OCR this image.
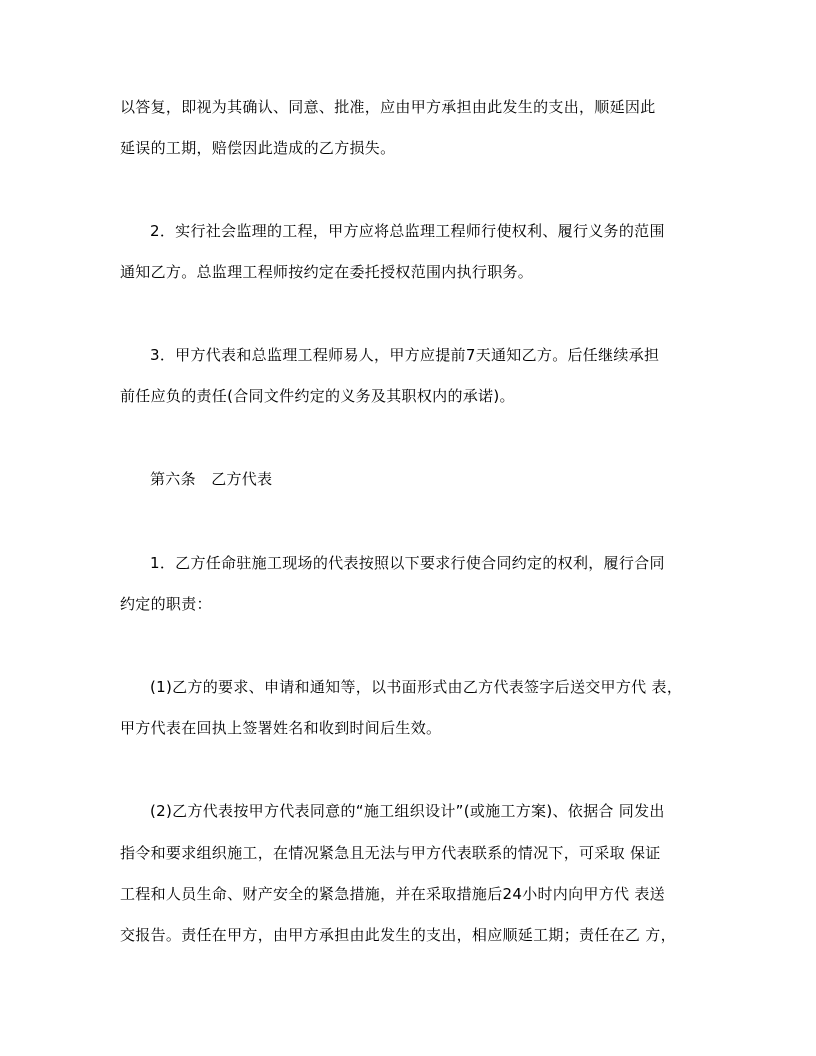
以答复，即视为其确认、同意、批准，应由甲方承担由此发生的支出，顺延因此
延误的工期，赔偿因此造成的乙方损失。
2．实行社会监理的工程，甲方应将总监理工程师行使权利、履行义务的范围
通知乙方。总监理工程师按约定在委托授权范围内执行职务。
3．甲方代表和总监理工程师易人，甲方应提前7天通知乙方。后任继续承担
前任应负的责任(合同文件约定的义务及其职权内的承诺)。
第六条　乙方代表
1．乙方任命驻施工现场的代表按照以下要求行使合同约定的权利，履行合同
约定的职责：
(1)乙方的要求、申请和通知等，以书面形式由乙方代表签字后送交甲方代 表，
甲方代表在回执上签署姓名和收到时间后生效。
(2)乙方代表按甲方代表同意的“施工组织设计”(或施工方案)、依据合 同发出
指令和要求组织施工，在情况紧急且无法与甲方代表联系的情况下，可采取 保证
工程和人员生命、财产安全的紧急措施，并在采取措施后24小时内向甲方代 表送
交报告。责任在甲方，由甲方承担由此发生的支出，相应顺延工期；责任在乙 方，
